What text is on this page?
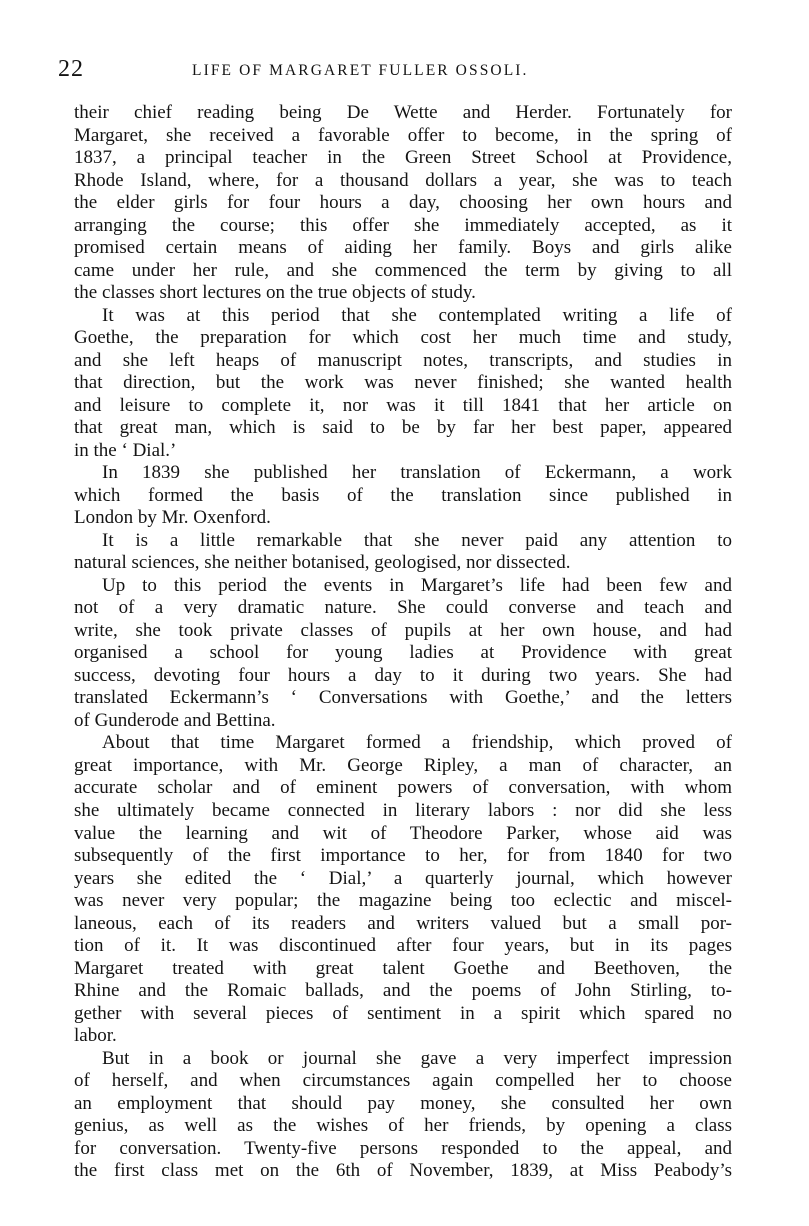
22	LIFE OF MARGARET FULLER OSSOLI.
their chief reading being De Wette and Herder. Fortunately for
Margaret, she received a favorable offer to become, in the spring of
1837, a principal teacher in the Green Street School at Providence,
Rhode Island, where, for a thousand dollars a year, she was to teach
the elder girls for four hours a day, choosing her own hours and
arranging the course; this offer she immediately accepted, as it
promised certain means of aiding her family. Boys and girls alike
came under her rule, and she commenced the term by giving to all
the classes short lectures on the true objects of study.
It was at this period that she contemplated writing a life of
Goethe, the preparation for which cost her much time and study,
and she left heaps of manuscript notes, transcripts, and studies in
that direction, but the work was never finished; she wanted health
and leisure to complete it, nor was it till 1841 that her article on
that great man, which is said to be by far her best paper, appeared
in the ‘ Dial.’
In 1839 she published her translation of Eckermann, a work
which formed the basis of the translation since published in
London by Mr. Oxenford.
It is a little remarkable that she never paid any attention to
natural sciences, she neither botanised, geologised, nor dissected.
Up to this period the events in Margaret’s life had been few and
not of a very dramatic nature. She could converse and teach and
write, she took private classes of pupils at her own house, and had
organised a school for young ladies at Providence with great
success, devoting four hours a day to it during two years. She had
translated Eckermann’s ‘ Conversations with Goethe,’ and the letters
of Gunderode and Bettina.
About that time Margaret formed a friendship, which proved of
great importance, with Mr. George Ripley, a man of character, an
accurate scholar and of eminent powers of conversation, with whom
she ultimately became connected in literary labors : nor did she less
value the learning and wit of Theodore Parker, whose aid was
subsequently of the first importance to her, for from 1840 for two
years she edited the ‘ Dial,’ a quarterly journal, which however
was never very popular; the magazine being too eclectic and miscel-
laneous, each of its readers and writers valued but a small por-
tion of it. It was discontinued after four years, but in its pages
Margaret treated with great talent Goethe and Beethoven, the
Rhine and the Romaic ballads, and the poems of John Stirling, to-
gether with several pieces of sentiment in a spirit which spared no
labor.
But in a book or journal she gave a very imperfect impression
of herself, and when circumstances again compelled her to choose
an employment that should pay money, she consulted her own
genius, as well as the wishes of her friends, by opening a class
for conversation. Twenty-five persons responded to the appeal, and
the first class met on the 6th of November, 1839, at Miss Peabody’s
